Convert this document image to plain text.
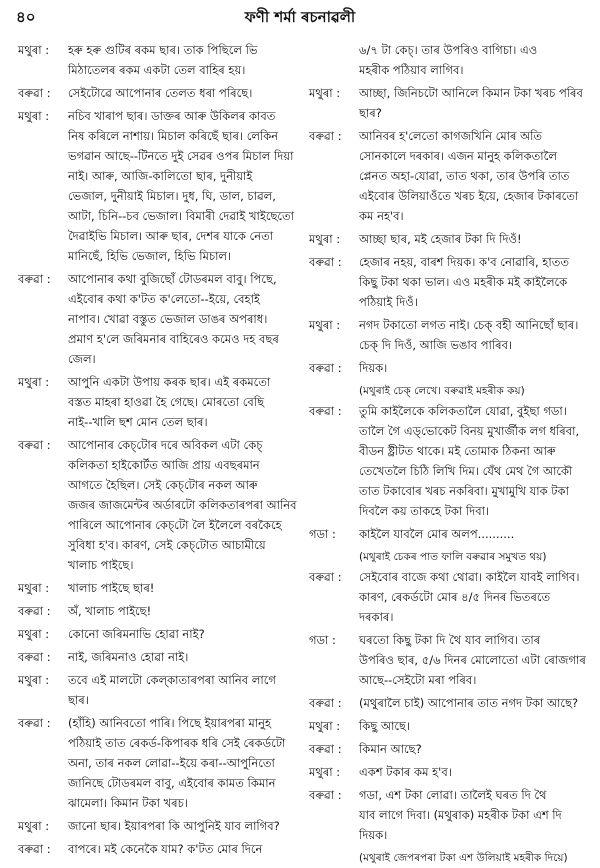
৪০	ফণী শৰ্মা ৰচনাৱলী
মথুৰা :	হৰু হৰু গুটিৰ ৰকম ছাৰ। তাক পিছিলে ভি
মিঠাতেলৰ ৰকম একটা তেল বাহিৰ হয়।
বৰুৱা :	সেইটোৱে আপোনাৰ তেলত ধৰা পৰিছে।
মথুৰা :	নচিব খাৰাপ ছাৰ। ডাক্তৰ আৰু উকিলৰ কাবত
নিষ কৰিলে নাশায়। মিচাল কৰিছেঁ ছাৰ। লেকিন
ভগৱান আছে--টিনতে দুই সেৱৰ ওপৰ মিচাল দিয়া
নাই। আৰু, আজি-কালিতো ছাৰ, দুনীয়াই
ভেজাল, দুনীয়াই মিচাল। দুধ, ঘি, ডাল, চাৱল,
আটা, চিনি--চব ভেজাল। বিমাৰী দেৱাই খাইছেতো
দৈৱাইভি মিচাল। আৰু ছাৰ, দেশৰ যাকে নেতা
মানিছেঁ, হিভি ভেজাল, হিভি মিচাল।
বৰুৱা :	আপোনাৰ কথা বুজিছোঁ টোডৰমল বাবু। পিছে,
এইবোৰ কথা ক'টত ক'লেতো--ইয়ে, বেহাই
নাপাব। খোৱা বস্তুত ভেজাল ডাঙৰ অপৰাধ।
প্ৰমাণ হ'লে জৰিমনাৰ বাহিৰেও কমেও দহ বছৰ
জেল।
মথুৰা :	আপুনি একটা উপায় কৰক ছাৰ। এই ৰকমতো
বস্তত মাহৰা হাওৱা হৈ গেছে। মোৰতো বেছি
নাই--খালি ছশ মোন তেল ছাৰ।
বৰুৱা :	আপোনাৰ কেচ্‌টোৰ দৰে অবিকল এটা কেচ্‌
কলিকতা হাইকোৰ্টত আজি প্ৰায় এবছৰমান
আগতে হৈছিল। সেই কেচ্‌টোৰ নকল আৰু
জজৰ জাজমেন্টৰ অৰ্ডাৰটো কলিকতাৰপৰা আনিব
পাৰিলে আপোনাৰ কেচ্‌টো লৈ ইলৈলে বৰকৈহে
সুবিধা হ'ব। কাৰণ, সেই কেচ্‌টোত আচামীয়ে
খালাচ পাইছে।
মথুৰা :	খালাচ পাইছে ছাৰ!
বৰুৱা :	অঁ, খালাচ পাইছে!
মথুৰা :	কোনো জৰিমনাভি হোৱা নাই?
বৰুৱা :	নাই, জৰিমনাও হোৱা নাই।
মথুৰা :	তবে এই মালটো কেল্‌কাতাৰপৰা আনিব লাগে
ছাৰ।
বৰুৱা :	(হাঁহি) আনিবতো পাৰি। পিছে ইয়াৰপৰা মানুহ
পঠিয়াই তাত ৰেকৰ্ড-কিপাৰক ধৰি সেই ৰেকৰ্ডটো
অনা, তাৰ নকল লোৱা--ইয়ে কৰা--আপুনিতো
জানিছে টোডৰমল বাবু, এইবোৰ কামত কিমান
ঝামেলা। কিমান টকা খৰচ।
মথুৰা :	জানো ছাৰ। ইয়াৰপৰা কি আপুনিই যাব লাগিব?
বৰুৱা :	বাপৰে। মই কেনেকৈ যাম? ক'টত মোৰ দিনে
৬/৭ টা কেচ্‌। তাৰ উপৰিও বাগিচা। এও
মহৰীক পঠিয়াব লাগিব।
মথুৰা :	আচ্ছা, জিনিচটো আনিলে কিমান টকা খৰচ পৰিব
ছাৰ?
বৰুৱা :	আনিবৰ হ'লেতো কাগজখিনি মোৰ অতি
সোনকালে দৰকাৰ। এজন মানুহ কলিকতালৈ
প্লেনত অহা-যোৱা, তাত থকা, তাৰ উপৰি তাত
এইবোৰ উলিয়াওঁতে খৰচ ইয়ে, হেজাৰ টকাৰতো
কম নহ'ব।
মথুৰা :	আচ্ছা ছাৰ, মই হেজাৰ টকা দি দিওঁ!
বৰুৱা :	হেজাৰ নহয়, বাৰশ দিয়ক। ক'ব নোৱাৰি, হাতত
কিছু টকা থকা ভাল। এও মহৰীক মই কাইলৈকে
পঠিয়াই দিওঁ।
মথুৰা :	নগদ টকাতো লগত নাই। চেক্‌ বহী আনিছোঁ ছাৰ।
চেক্‌ দি দিওঁ, আজি ভঙাব পাৰিব।
বৰুৱা :	দিয়ক।
(মথুৰাই চেক্‌ লেখে। বৰুৱাই মহৰীক কয়)
বৰুৱা :	তুমি কাইলৈকে কলিকতালৈ যোৱা, বুইছা গডা।
তালৈ গৈ এড্‌ভোকেট বিনয় মুখাৰ্জীক লগ ধৰিবা,
বীডন ষ্ট্ৰীটত থাকে। মই তোমাক ঠিকনা আৰু
তেখেতলৈ চিঠি লিখি দিম। যেঁথ মেথ গৈ আকৌ
তাত টকাবোৰ খৰচ নকৰিবা। মুখামুখি যাক টকা
দিবলৈ কয় তাকহে টকা দিবা।
গডা :	কাইলৈ যাবলৈ মোৰ অলপ..........
(মথুৰাই চেকৰ পাত ফালি বৰুৱাৰ সমুখত থয়)
বৰুৱা :	সেইবোৰ বাজে কথা থোৱা। কাইলৈ যাবই লাগিব।
কাৰণ, ৰেকৰ্ডটো মোৰ ৪/৫ দিনৰ ভিতৰতে
দৰকাৰ।
গডা :	ঘৰতো কিছু টকা দি থৈ যাব লাগিব। তাৰ
উপৰিও ছাৰ, ৫/৬ দিনৰ মোলোতো এটা ৰোজগাৰ
আছে--সেইটো মৰা পৰিব।
বৰুৱা :	(মথুৰালৈ চাই) আপোনাৰ তাত নগদ টকা আছে?
মথুৰা :	কিছু আছে।
বৰুৱা :	কিমান আছে?
মথুৰা :	একশ টকাৰ কম হ'ব।
বৰুৱা :	গডা, এশ টকা লোৱা। তালৈই ঘৰত দি থৈ
যাব লাগে দিবা। (মথুৰাক) মহৰীক টকা এশ দি
দিয়ক।
(মথুৰাই জেপৰপৰা টকা এশ উলিয়াই মহৰীক দিয়ে)
